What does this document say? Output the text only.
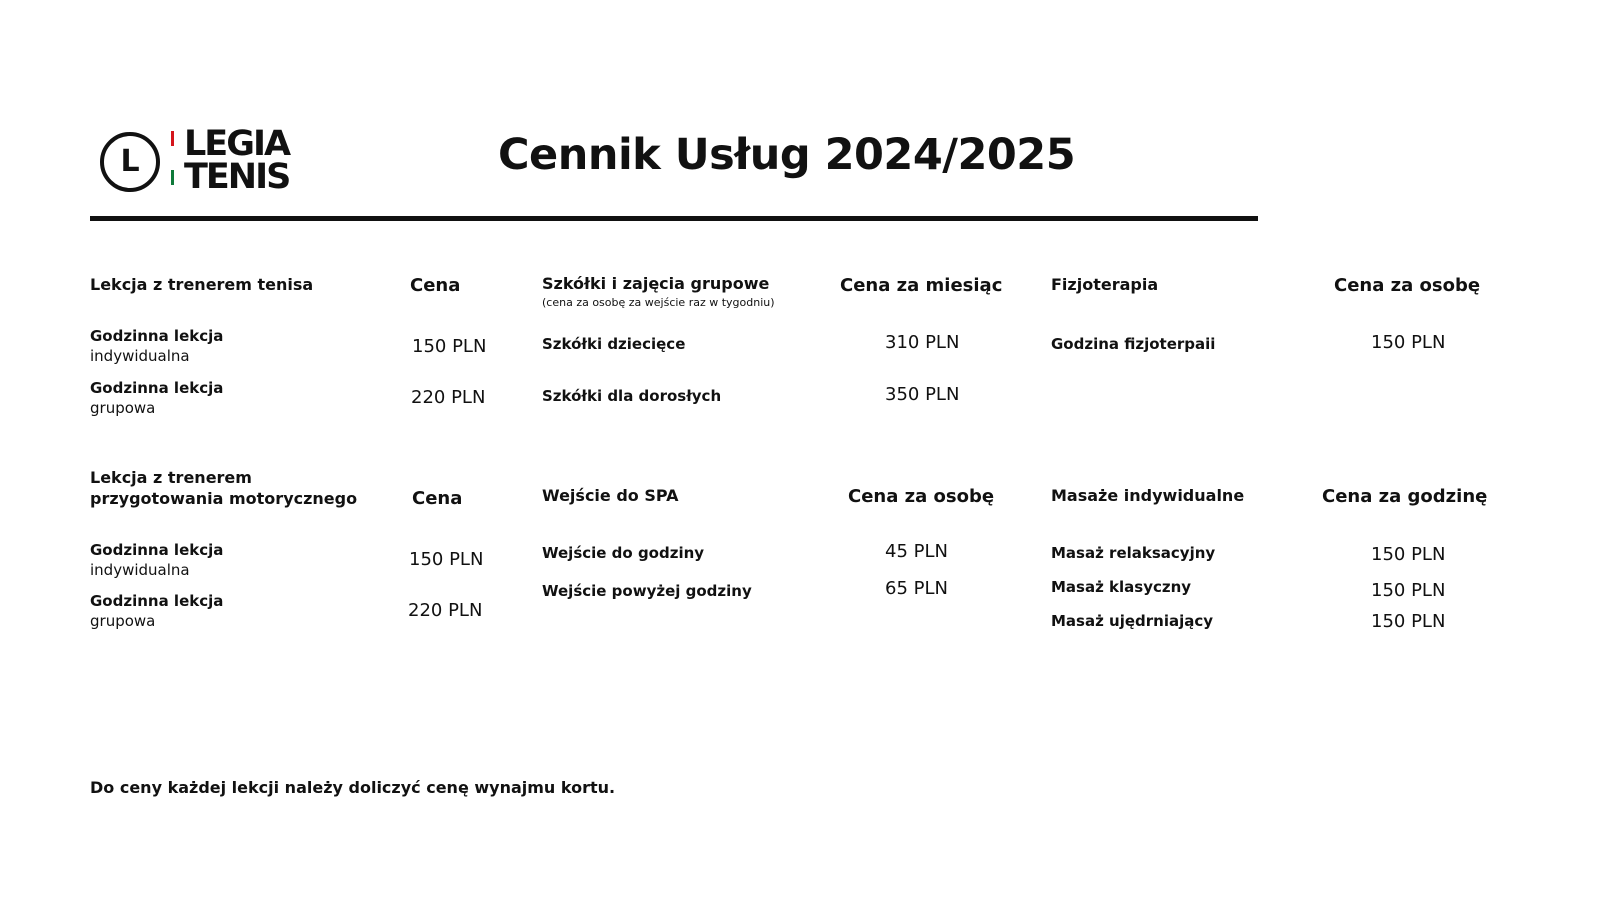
L	LEGIA
TENIS	Cennik Usług 2024/2025
Lekcja z trenerem tenisa	Cena
Godzinna lekcja
indywidualna	150 PLN
Godzinna lekcja
grupowa	220 PLN
Szkółki i zajęcia grupowe
(cena za osobę za wejście raz w tygodniu)
Cena za miesiąc
Szkółki dziecięce	310 PLN
Szkółki dla dorosłych	350 PLN
Fizjoterapia	Cena za osobę
Godzina fizjoterpaii	150 PLN
Lekcja z trenerem
przygotowania motorycznego	Cena
Godzinna lekcja
indywidualna	150 PLN
Godzinna lekcja
grupowa	220 PLN
Wejście do SPA	Cena za osobę
Wejście do godziny	45 PLN
Wejście powyżej godziny	65 PLN
Masaże indywidualne	Cena za godzinę
Masaż relaksacyjny	150 PLN
Masaż klasyczny	150 PLN
Masaż ujędrniający	150 PLN
Do ceny każdej lekcji należy doliczyć cenę wynajmu kortu.
